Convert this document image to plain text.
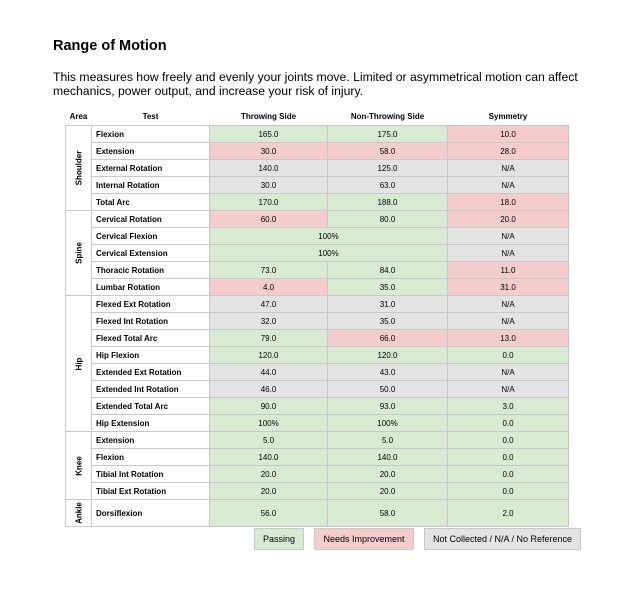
Range of Motion

This measures how freely and evenly your joints move. Limited or asymmetrical motion can affect mechanics, power output, and increase your risk of injury.

Area	Test	Throwing Side	Non-Throwing Side	Symmetry

Shoulder	Flexion	165.0	175.0	10.0
	Extension	30.0	58.0	28.0
	External Rotation	140.0	125.0	N/A
	Internal Rotation	30.0	63.0	N/A
	Total Arc	170.0	188.0	18.0

Spine	Cervical Rotation	60.0	80.0	20.0
	Cervical Flexion	100%		N/A
	Cervical Extension	100%		N/A
	Thoracic Rotation	73.0	84.0	11.0
	Lumbar Rotation	4.0	35.0	31.0

Hip	Flexed Ext Rotation	47.0	31.0	N/A
	Flexed Int Rotation	32.0	35.0	N/A
	Flexed Total Arc	79.0	66.0	13.0
	Hip Flexion	120.0	120.0	0.0
	Extended Ext Rotation	44.0	43.0	N/A
	Extended Int Rotation	46.0	50.0	N/A
	Extended Total Arc	90.0	93.0	3.0
	Hip Extension	100%	100%	0.0

Knee	Extension	5.0	5.0	0.0
	Flexion	140.0	140.0	0.0
	Tibial Int Rotation	20.0	20.0	0.0
	Tibial Ext Rotation	20.0	20.0	0.0

Ankle	Dorsiflexion	56.0	58.0	2.0
Passing	Needs Improvement	Not Collected / N/A / No Reference
